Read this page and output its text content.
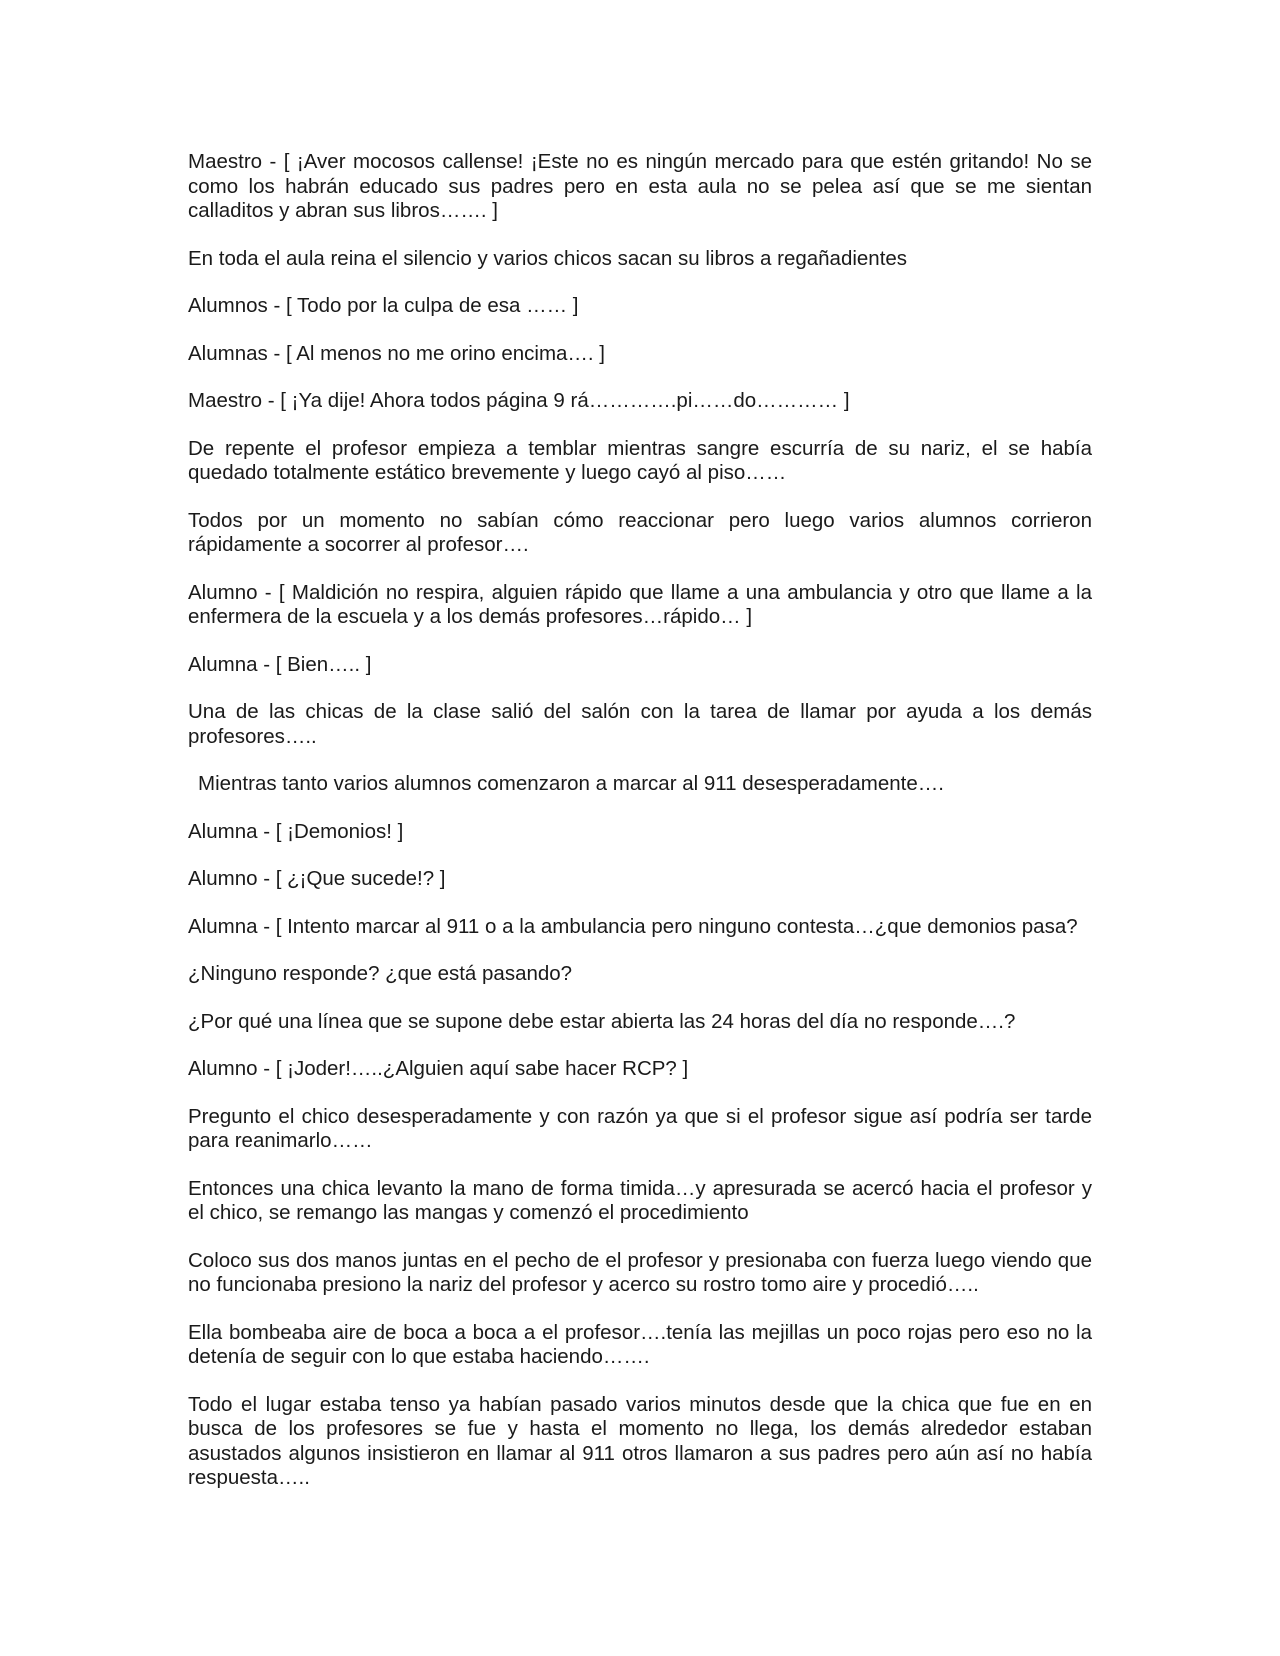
Maestro - [ ¡Aver mocosos callense! ¡Este no es ningún mercado para que estén gritando! No se como los habrán educado sus padres pero en esta aula no se pelea así que se me sientan calladitos y abran sus libros……. ]

En toda el aula reina el silencio y varios chicos sacan su libros a regañadientes

Alumnos - [ Todo por la culpa de esa …… ]

Alumnas - [ Al menos no me orino encima…. ]

Maestro - [ ¡Ya dije! Ahora todos página 9 rá………….pi……do………… ]

De repente el profesor empieza a temblar mientras sangre escurría de su nariz, el se había quedado totalmente estático brevemente y luego cayó al piso……

Todos por un momento no sabían cómo reaccionar pero luego varios alumnos corrieron rápidamente a socorrer al profesor….

Alumno - [ Maldición no respira, alguien rápido que llame a una ambulancia y otro que llame a la enfermera de la escuela y a los demás profesores…rápido… ]

Alumna - [ Bien….. ]

Una de las chicas de la clase salió del salón con la tarea de llamar por ayuda a los demás profesores…..

Mientras tanto varios alumnos comenzaron a marcar al 911 desesperadamente….

Alumna - [ ¡Demonios! ]

Alumno - [ ¿¡Que sucede!? ]

Alumna - [ Intento marcar al 911 o a la ambulancia pero ninguno contesta…¿que demonios pasa?

¿Ninguno responde? ¿que está pasando?

¿Por qué una línea que se supone debe estar abierta las 24 horas del día no responde….?

Alumno - [ ¡Joder!…..¿Alguien aquí sabe hacer RCP? ]

Pregunto el chico desesperadamente y con razón ya que si el profesor sigue así podría ser tarde para reanimarlo……

Entonces una chica levanto la mano de forma timida…y apresurada se acercó hacia el profesor y el chico, se remango las mangas y comenzó el procedimiento

Coloco sus dos manos juntas en el pecho de el profesor y presionaba con fuerza luego viendo que no funcionaba presiono la nariz del profesor y acerco su rostro tomo aire y procedió…..

Ella bombeaba aire de boca a boca a el profesor….tenía las mejillas un poco rojas pero eso no la detenía de seguir con lo que estaba haciendo…….

Todo el lugar estaba tenso ya habían pasado varios minutos desde que la chica que fue en en busca de los profesores se fue y hasta el momento no llega, los demás alrededor estaban asustados algunos insistieron en llamar al 911 otros llamaron a sus padres pero aún así no había respuesta…..
